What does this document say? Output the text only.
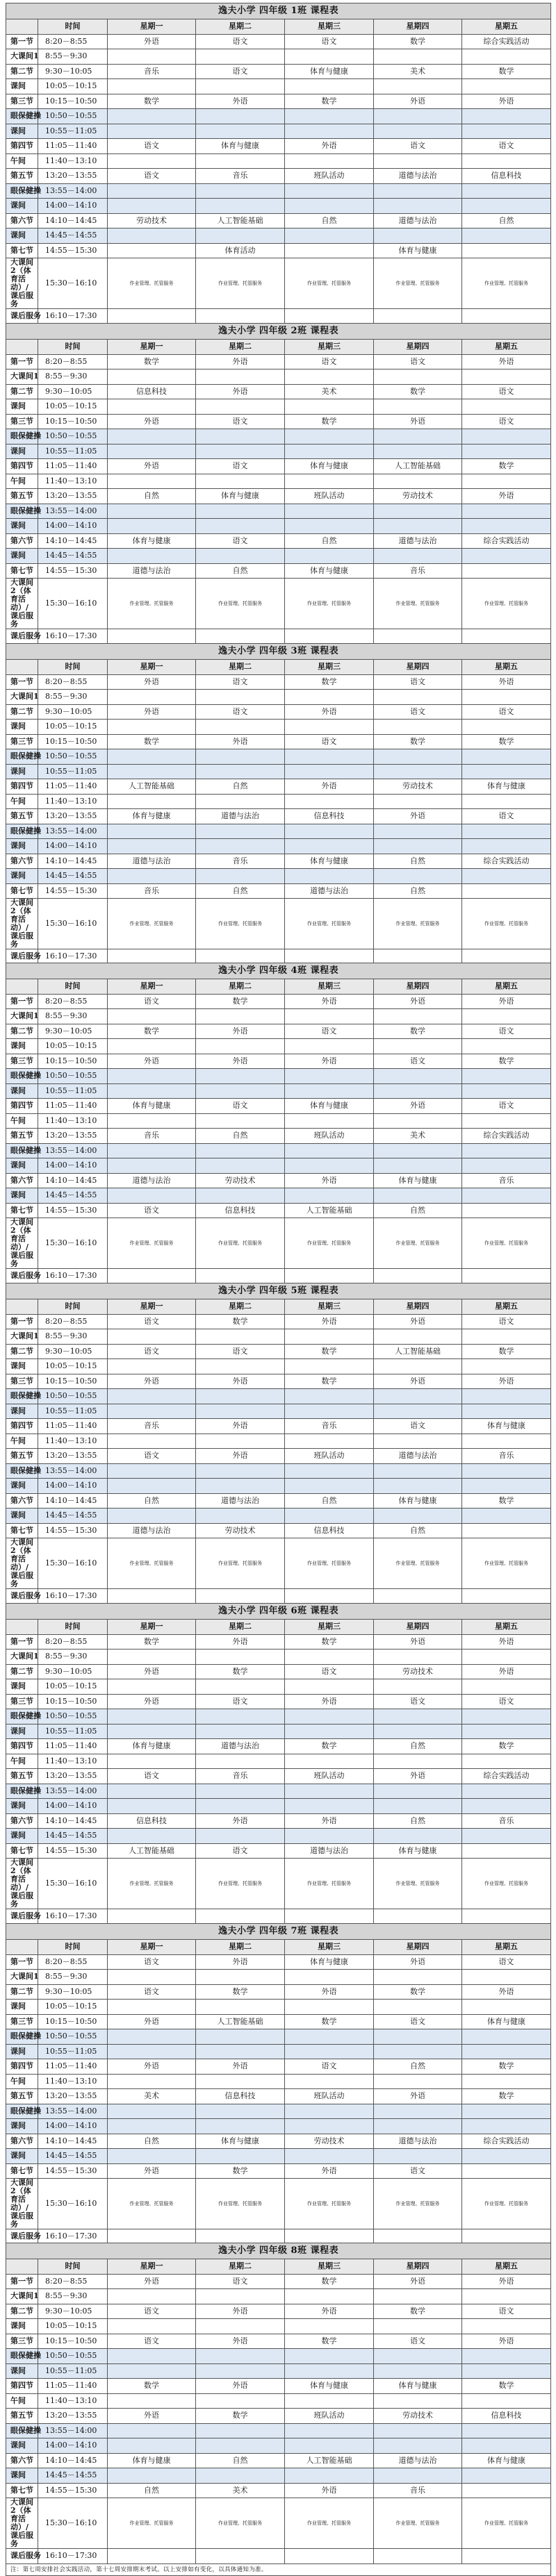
逸夫小学 四年级 1班 课程表						
	时间	星期一	星期二	星期三	星期四	星期五
第一节	8:20－8:55	外语	语文	语文	数学	综合实践活动
大课间1	8:55－9:30					
第二节	9:30－10:05	音乐	语文	体育与健康	美术	数学
课间	10:05－10:15					
第三节	10:15－10:50	数学	外语	数学	外语	外语
眼保健操	10:50－10:55					
课间	10:55－11:05					
第四节	11:05－11:40	语文	体育与健康	外语	语文	语文
午间	11:40－13:10					
第五节	13:20－13:55	语文	音乐	班队活动	道德与法治	信息科技
眼保健操	13:55－14:00					
课间	14:00－14:10					
第六节	14:10－14:45	劳动技术	人工智能基础	自然	道德与法治	自然
课间	14:45－14:55					
第七节	14:55－15:30		体育活动		体育与健康	
大课间2（体育活动）/课后服务	15:30－16:10	作业管理、托管服务	作业管理、托管服务	作业管理、托管服务	作业管理、托管服务	作业管理、托管服务
课后服务	16:10－17:30					

逸夫小学 四年级 2班 课程表						
	时间	星期一	星期二	星期三	星期四	星期五
第一节	8:20－8:55	数学	外语	语文	语文	外语
大课间1	8:55－9:30					
第二节	9:30－10:05	信息科技	外语	美术	数学	语文
课间	10:05－10:15					
第三节	10:15－10:50	外语	语文	数学	外语	语文
眼保健操	10:50－10:55					
课间	10:55－11:05					
第四节	11:05－11:40	外语	语文	体育与健康	人工智能基础	数学
午间	11:40－13:10					
第五节	13:20－13:55	自然	体育与健康	班队活动	劳动技术	外语
眼保健操	13:55－14:00					
课间	14:00－14:10					
第六节	14:10－14:45	体育与健康	语文	自然	道德与法治	综合实践活动
课间	14:45－14:55					
第七节	14:55－15:30	道德与法治	自然	体育与健康	音乐	
大课间2（体育活动）/课后服务	15:30－16:10	作业管理、托管服务	作业管理、托管服务	作业管理、托管服务	作业管理、托管服务	作业管理、托管服务
课后服务	16:10－17:30					

逸夫小学 四年级 3班 课程表						
	时间	星期一	星期二	星期三	星期四	星期五
第一节	8:20－8:55	外语	语文	数学	语文	外语
大课间1	8:55－9:30					
第二节	9:30－10:05	外语	语文	外语	语文	语文
课间	10:05－10:15					
第三节	10:15－10:50	数学	外语	语文	数学	数学
眼保健操	10:50－10:55					
课间	10:55－11:05					
第四节	11:05－11:40	人工智能基础	自然	外语	劳动技术	体育与健康
午间	11:40－13:10					
第五节	13:20－13:55	体育与健康	道德与法治	信息科技	外语	语文
眼保健操	13:55－14:00					
课间	14:00－14:10					
第六节	14:10－14:45	道德与法治	音乐	体育与健康	自然	综合实践活动
课间	14:45－14:55					
第七节	14:55－15:30	音乐	自然	道德与法治	自然	
大课间2（体育活动）/课后服务	15:30－16:10	作业管理、托管服务	作业管理、托管服务	作业管理、托管服务	作业管理、托管服务	作业管理、托管服务
课后服务	16:10－17:30					

逸夫小学 四年级 4班 课程表						
	时间	星期一	星期二	星期三	星期四	星期五
第一节	8:20－8:55	语文	数学	外语	外语	外语
大课间1	8:55－9:30					
第二节	9:30－10:05	数学	外语	语文	数学	语文
课间	10:05－10:15					
第三节	10:15－10:50	外语	外语	外语	语文	数学
眼保健操	10:50－10:55					
课间	10:55－11:05					
第四节	11:05－11:40	体育与健康	语文	体育与健康	外语	语文
午间	11:40－13:10					
第五节	13:20－13:55	音乐	自然	班队活动	美术	综合实践活动
眼保健操	13:55－14:00					
课间	14:00－14:10					
第六节	14:10－14:45	道德与法治	劳动技术	外语	体育与健康	音乐
课间	14:45－14:55					
第七节	14:55－15:30	语文	信息科技	人工智能基础	自然	
大课间2（体育活动）/课后服务	15:30－16:10	作业管理、托管服务	作业管理、托管服务	作业管理、托管服务	作业管理、托管服务	作业管理、托管服务
课后服务	16:10－17:30					

逸夫小学 四年级 5班 课程表						
	时间	星期一	星期二	星期三	星期四	星期五
第一节	8:20－8:55	语文	数学	外语	外语	语文
大课间1	8:55－9:30					
第二节	9:30－10:05	语文	语文	数学	人工智能基础	数学
课间	10:05－10:15					
第三节	10:15－10:50	外语	外语	数学	外语	外语
眼保健操	10:50－10:55					
课间	10:55－11:05					
第四节	11:05－11:40	音乐	外语	音乐	语文	体育与健康
午间	11:40－13:10					
第五节	13:20－13:55	语文	外语	班队活动	道德与法治	音乐
眼保健操	13:55－14:00					
课间	14:00－14:10					
第六节	14:10－14:45	自然	道德与法治	自然	体育与健康	数学
课间	14:45－14:55					
第七节	14:55－15:30	道德与法治	劳动技术	信息科技	自然	
大课间2（体育活动）/课后服务	15:30－16:10	作业管理、托管服务	作业管理、托管服务	作业管理、托管服务	作业管理、托管服务	作业管理、托管服务
课后服务	16:10－17:30					

逸夫小学 四年级 6班 课程表						
	时间	星期一	星期二	星期三	星期四	星期五
第一节	8:20－8:55	数学	外语	数学	外语	外语
大课间1	8:55－9:30					
第二节	9:30－10:05	外语	数学	语文	劳动技术	外语
课间	10:05－10:15					
第三节	10:15－10:50	外语	语文	外语	语文	语文
眼保健操	10:50－10:55					
课间	10:55－11:05					
第四节	11:05－11:40	体育与健康	道德与法治	数学	自然	数学
午间	11:40－13:10					
第五节	13:20－13:55	语文	音乐	班队活动	外语	综合实践活动
眼保健操	13:55－14:00					
课间	14:00－14:10					
第六节	14:10－14:45	信息科技	外语	外语	自然	音乐
课间	14:45－14:55					
第七节	14:55－15:30	人工智能基础	语文	道德与法治	体育与健康	
大课间2（体育活动）/课后服务	15:30－16:10	作业管理、托管服务	作业管理、托管服务	作业管理、托管服务	作业管理、托管服务	作业管理、托管服务
课后服务	16:10－17:30					

逸夫小学 四年级 7班 课程表						
	时间	星期一	星期二	星期三	星期四	星期五
第一节	8:20－8:55	语文	外语	体育与健康	外语	语文
大课间1	8:55－9:30					
第二节	9:30－10:05	语文	数学	外语	数学	外语
课间	10:05－10:15					
第三节	10:15－10:50	外语	人工智能基础	数学	语文	体育与健康
眼保健操	10:50－10:55					
课间	10:55－11:05					
第四节	11:05－11:40	外语	外语	语文	自然	数学
午间	11:40－13:10					
第五节	13:20－13:55	美术	信息科技	班队活动	外语	数学
眼保健操	13:55－14:00					
课间	14:00－14:10					
第六节	14:10－14:45	自然	体育与健康	劳动技术	道德与法治	综合实践活动
课间	14:45－14:55					
第七节	14:55－15:30	外语	数学	外语	语文	
大课间2（体育活动）/课后服务	15:30－16:10	作业管理、托管服务	作业管理、托管服务	作业管理、托管服务	作业管理、托管服务	作业管理、托管服务
课后服务	16:10－17:30					

逸夫小学 四年级 8班 课程表						
	时间	星期一	星期二	星期三	星期四	星期五
第一节	8:20－8:55	外语	语文	数学	外语	外语
大课间1	8:55－9:30					
第二节	9:30－10:05	语文	外语	外语	数学	语文
课间	10:05－10:15					
第三节	10:15－10:50	语文	外语	数学	语文	外语
眼保健操	10:50－10:55					
课间	10:55－11:05					
第四节	11:05－11:40	数学	外语	体育与健康	体育与健康	数学
午间	11:40－13:10					
第五节	13:20－13:55	外语	数学	班队活动	劳动技术	信息科技
眼保健操	13:55－14:00					
课间	14:00－14:10					
第六节	14:10－14:45	体育与健康	自然	人工智能基础	道德与法治	体育与健康
课间	14:45－14:55					
第七节	14:55－15:30	自然	美术	外语	音乐	
大课间2（体育活动）/课后服务	15:30－16:10	作业管理、托管服务	作业管理、托管服务	作业管理、托管服务	作业管理、托管服务	作业管理、托管服务
课后服务	16:10－17:30					
注：第七周安排社会实践活动，第十七周安排期末考试。以上安排如有变化，以具体通知为准。						
